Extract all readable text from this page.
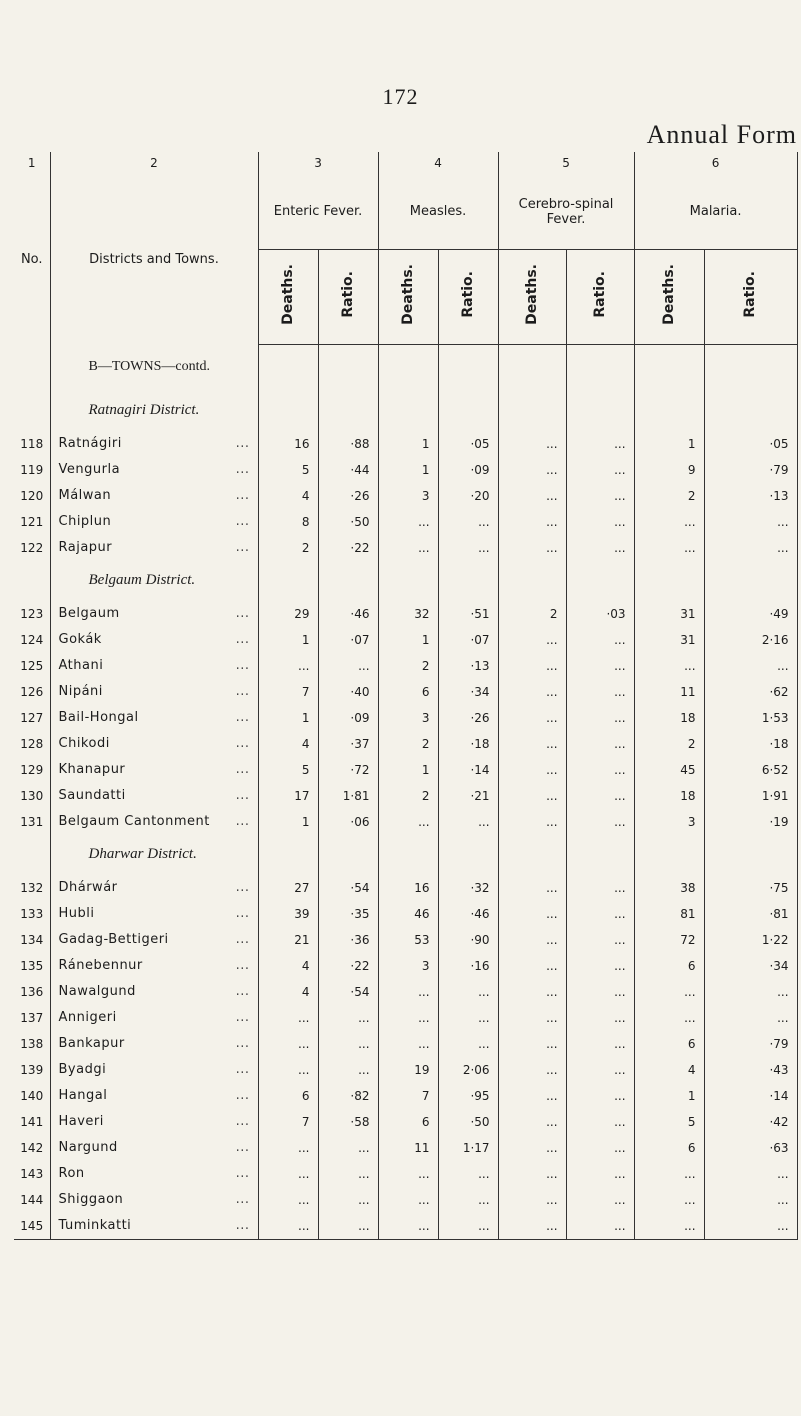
172
Annual Form
1	2	3		4		5		6	
No.	Districts and Towns.	Enteric Fever.		Measles.		Cerebro-spinal Fever.		Malaria.	
		Deaths.	Ratio.	Deaths.	Ratio.	Deaths.	Ratio.	Deaths.	Ratio.
	B—TOWNS—contd.								
	Ratnagiri District.								
118	Ratnágiri ...	16	·88	1	·05	...	...	1	·05
119	Vengurla ...	5	·44	1	·09	...	...	9	·79
120	Málwan ...	4	·26	3	·20	...	...	2	·13
121	Chiplun ...	8	·50	...	...	...	...	...	...
122	Rajapur ...	2	·22	...	...	...	...	...	...
	Belgaum District.								
123	Belgaum ...	29	·46	32	·51	2	·03	31	·49
124	Gokák ...	1	·07	1	·07	...	...	31	2·16
125	Athani ...	...	...	2	·13	...	...	...	...
126	Nipáni ...	7	·40	6	·34	...	...	11	·62
127	Bail-Hongal ...	1	·09	3	·26	...	...	18	1·53
128	Chikodi ...	4	·37	2	·18	...	...	2	·18
129	Khanapur ...	5	·72	1	·14	...	...	45	6·52
130	Saundatti ...	17	1·81	2	·21	...	...	18	1·91
131	Belgaum Cantonment ...	1	·06	...	...	...	...	3	·19
	Dharwar District.								
132	Dhárwár ...	27	·54	16	·32	...	...	38	·75
133	Hubli ...	39	·35	46	·46	...	...	81	·81
134	Gadag-Bettigeri ...	21	·36	53	·90	...	...	72	1·22
135	Ránebennur ...	4	·22	3	·16	...	...	6	·34
136	Nawalgund ...	4	·54	...	...	...	...	...	...
137	Annigeri ...	...	...	...	...	...	...	...	...
138	Bankapur ...	...	...	...	...	...	...	6	·79
139	Byadgi ...	...	...	19	2·06	...	...	4	·43
140	Hangal ...	6	·82	7	·95	...	...	1	·14
141	Haveri ...	7	·58	6	·50	...	...	5	·42
142	Nargund ...	...	...	11	1·17	...	...	6	·63
143	Ron ...	...	...	...	...	...	...	...	...
144	Shiggaon ...	...	...	...	...	...	...	...	...
145	Tuminkatti ...	...	...	...	...	...	...	...	...
